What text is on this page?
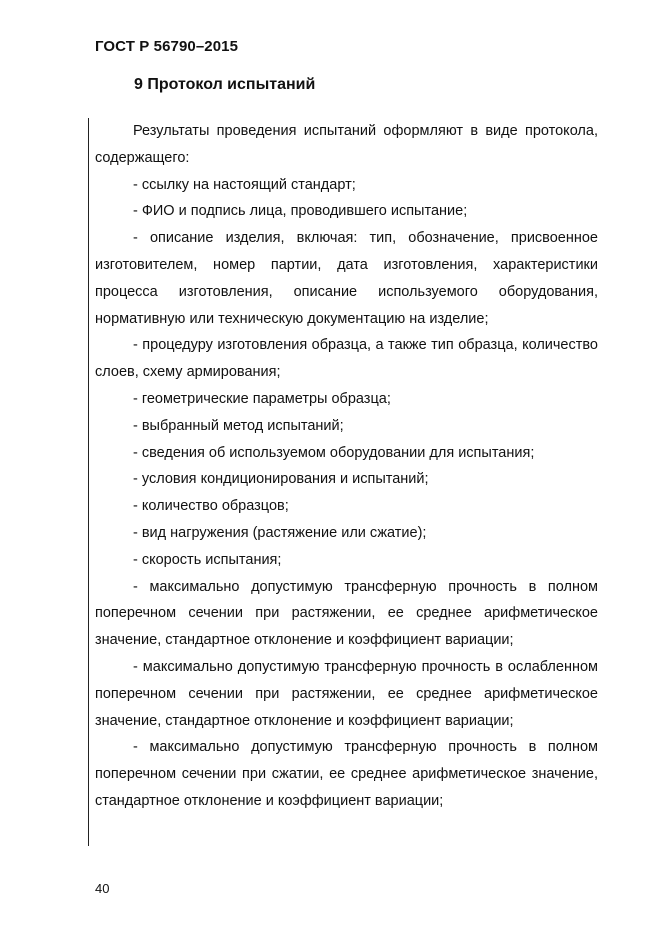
ГОСТ Р 56790–2015
9 Протокол испытаний

Результаты проведения испытаний оформляют в виде протокола, содержащего:

- ссылку на настоящий стандарт;

- ФИО и подпись лица, проводившего испытание;

- описание изделия, включая: тип, обозначение, присвоенное изготовителем, номер партии, дата изготовления, характеристики процесса изготовления, описание используемого оборудования, нормативную или техническую документацию на изделие;

- процедуру изготовления образца, а также тип образца, количество слоев, схему армирования;

- геометрические параметры образца;

- выбранный метод испытаний;

- сведения об используемом оборудовании для испытания;

- условия кондиционирования и испытаний;

- количество образцов;

- вид нагружения (растяжение или сжатие);

- скорость испытания;

- максимально допустимую трансферную прочность в полном поперечном сечении при растяжении, ее среднее арифметическое значение, стандартное отклонение и коэффициент вариации;

- максимально допустимую трансферную прочность в ослабленном поперечном сечении при растяжении, ее среднее арифметическое значение, стандартное отклонение и коэффициент вариации;

- максимально допустимую трансферную прочность в полном поперечном сечении при сжатии, ее среднее арифметическое значение, стандартное отклонение и коэффициент вариации;

40
